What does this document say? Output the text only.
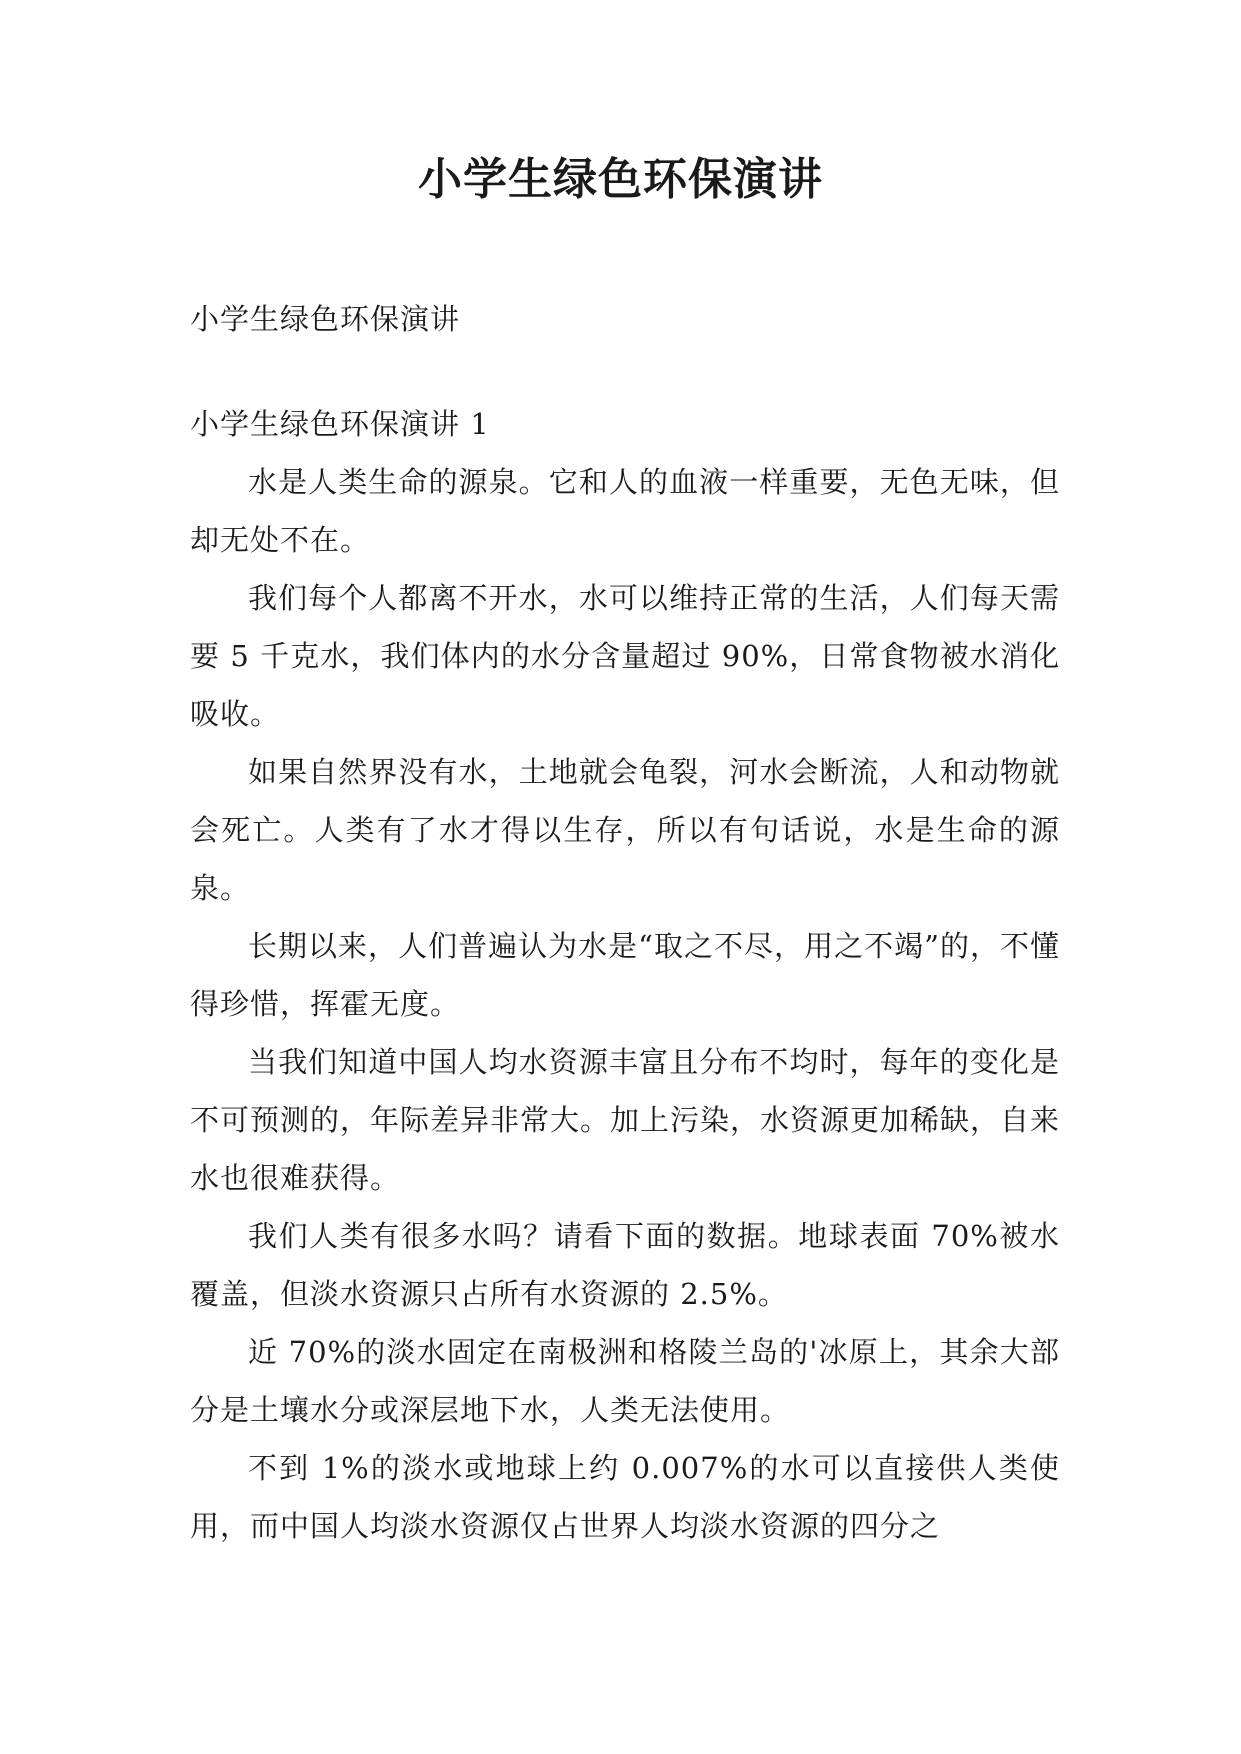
小学生绿色环保演讲

小学生绿色环保演讲

小学生绿色环保演讲 1

水是人类生命的源泉。它和人的血液一样重要，无色无味，但却无处不在。

我们每个人都离不开水，水可以维持正常的生活，人们每天需要 5 千克水，我们体内的水分含量超过 90%，日常食物被水消化吸收。

如果自然界没有水，土地就会龟裂，河水会断流，人和动物就会死亡。人类有了水才得以生存，所以有句话说，水是生命的源泉。

长期以来，人们普遍认为水是“取之不尽，用之不竭”的，不懂得珍惜，挥霍无度。

当我们知道中国人均水资源丰富且分布不均时，每年的变化是不可预测的，年际差异非常大。加上污染，水资源更加稀缺，自来水也很难获得。

我们人类有很多水吗？请看下面的数据。地球表面 70%被水覆盖，但淡水资源只占所有水资源的 2.5%。

近 70%的淡水固定在南极洲和格陵兰岛的'冰原上，其余大部分是土壤水分或深层地下水，人类无法使用。

不到 1%的淡水或地球上约 0.007%的水可以直接供人类使用，而中国人均淡水资源仅占世界人均淡水资源的四分之
